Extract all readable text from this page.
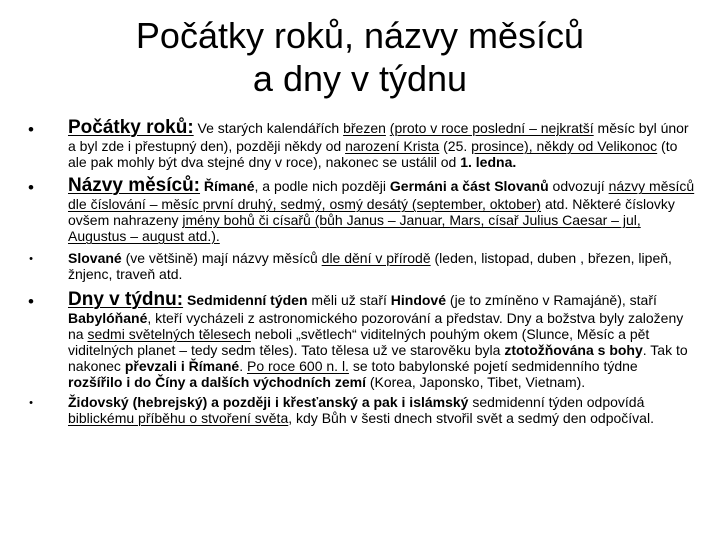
Počátky roků, názvy měsíců
a dny v týdnu
• Počátky roků: Ve starých kalendářích březen (proto v roce poslední – nejkratší měsíc byl únor a byl zde i přestupný den), později někdy od narození Krista (25. prosince), někdy od Velikonoc (to ale pak mohly být dva stejné dny v roce), nakonec se ustálil od 1. ledna.
• Názvy měsíců: Římané, a podle nich později Germáni a část Slovanů odvozují názvy měsíců dle číslování – měsíc první druhý, sedmý, osmý desátý (september, oktober) atd. Některé číslovky ovšem nahrazeny jmény bohů či císařů (bůh Janus – Januar, Mars, císař Julius Caesar – jul, Augustus – august atd.).
•	Slované (ve většině) mají názvy měsíců dle dění v přírodě (leden, listopad, duben , březen, lipeň, žnjenc, traveň atd.
• Dny v týdnu: Sedmidenní týden měli už staří Hindové (je to zmíněno v Ramajáně), staří Babylóňané, kteří vycházeli z astronomického pozorování a představ. Dny a božstva byly založeny na sedmi světelných tělesech neboli „světlech“ viditelných pouhým okem (Slunce, Měsíc a pět viditelných planet – tedy sedm těles). Tato tělesa už ve starověku byla ztotožňována s bohy. Tak to nakonec převzali i Římané. Po roce 600 n. l. se toto babylonské pojetí sedmidenního týdne rozšířilo i do Číny a dalších východních zemí (Korea, Japonsko, Tibet, Vietnam).
•	Židovský (hebrejský) a později i křesťanský a pak i islámský sedmidenní týden odpovídá biblickému příběhu o stvoření světa, kdy Bůh v šesti dnech stvořil svět a sedmý den odpočíval.
